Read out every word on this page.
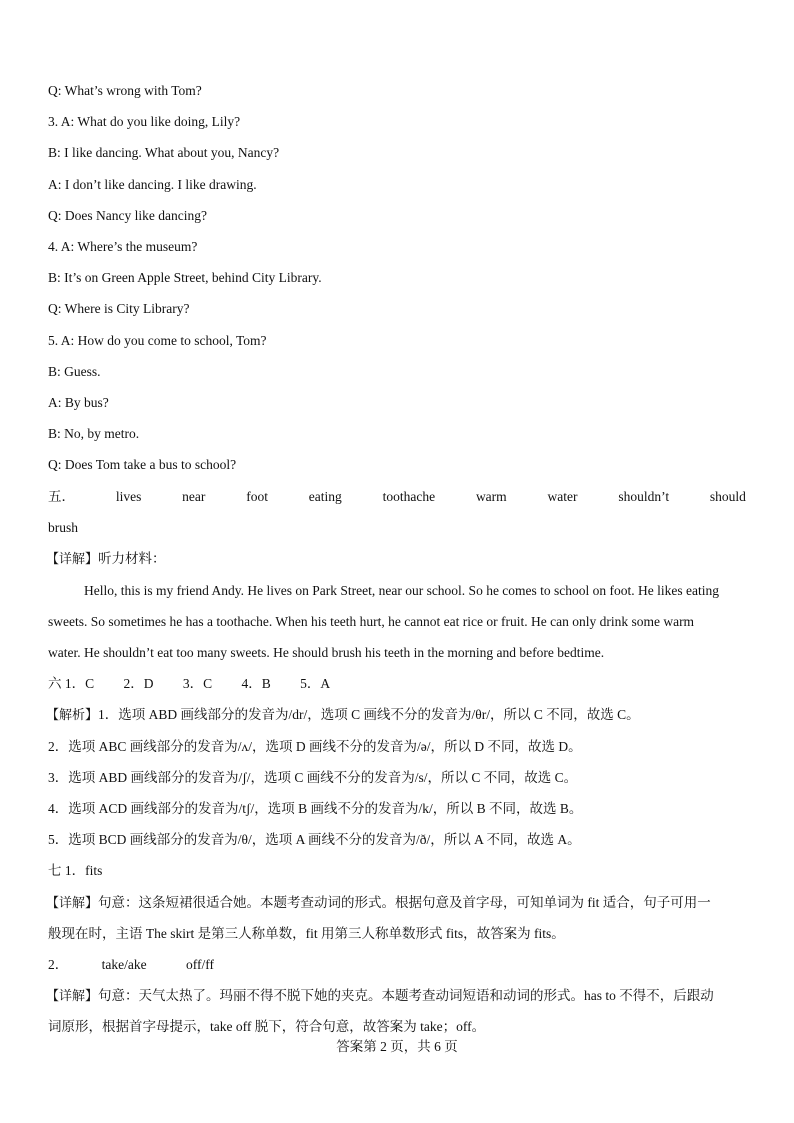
Q: What’s wrong with Tom?
3. A: What do you like doing, Lily?
B: I like dancing. What about you, Nancy?
A: I don’t like dancing. I like drawing.
Q: Does Nancy like dancing?
4. A: Where’s the museum?
B: It’s on Green Apple Street, behind City Library.
Q: Where is City Library?
5. A: How do you come to school, Tom?
B: Guess.
A: By bus?
B: No, by metro.
Q: Does Tom take a bus to school?
五．	lives	near	foot	eating	toothache	warm	water	shouldn’t	should
brush
【详解】听力材料：
Hello, this is my friend Andy. He lives on Park Street, near our school. So he comes to school on foot. He likes eating
sweets. So sometimes he has a toothache. When his teeth hurt, he cannot eat rice or fruit. He can only drink some warm
water. He shouldn’t eat too many sweets. He should brush his teeth in the morning and before bedtime.
六 1．C 2．D 3．C 4．B 5．A
【解析】1．选项 ABD 画线部分的发音为/dr/，选项 C 画线不分的发音为/θr/，所以 C 不同，故选 C。
2．选项 ABC 画线部分的发音为/ʌ/，选项 D 画线不分的发音为/ə/，所以 D 不同，故选 D。
3．选项 ABD 画线部分的发音为/ʃ/，选项 C 画线不分的发音为/s/，所以 C 不同，故选 C。
4．选项 ACD 画线部分的发音为/tʃ/，选项 B 画线不分的发音为/k/，所以 B 不同，故选 B。
5．选项 BCD 画线部分的发音为/θ/，选项 A 画线不分的发音为/ð/，所以 A 不同，故选 A。
七 1．fits
【详解】句意：这条短裙很适合她。本题考查动词的形式。根据句意及首字母，可知单词为 fit 适合，句子可用一
般现在时，主语 The skirt 是第三人称单数，fit 用第三人称单数形式 fits，故答案为 fits。
2． take/ake	off/ff
【详解】句意：天气太热了。玛丽不得不脱下她的夹克。本题考查动词短语和动词的形式。has to 不得不，后跟动
词原形，根据首字母提示，take off 脱下，符合句意，故答案为 take；off。
答案第 2 页，共 6 页
